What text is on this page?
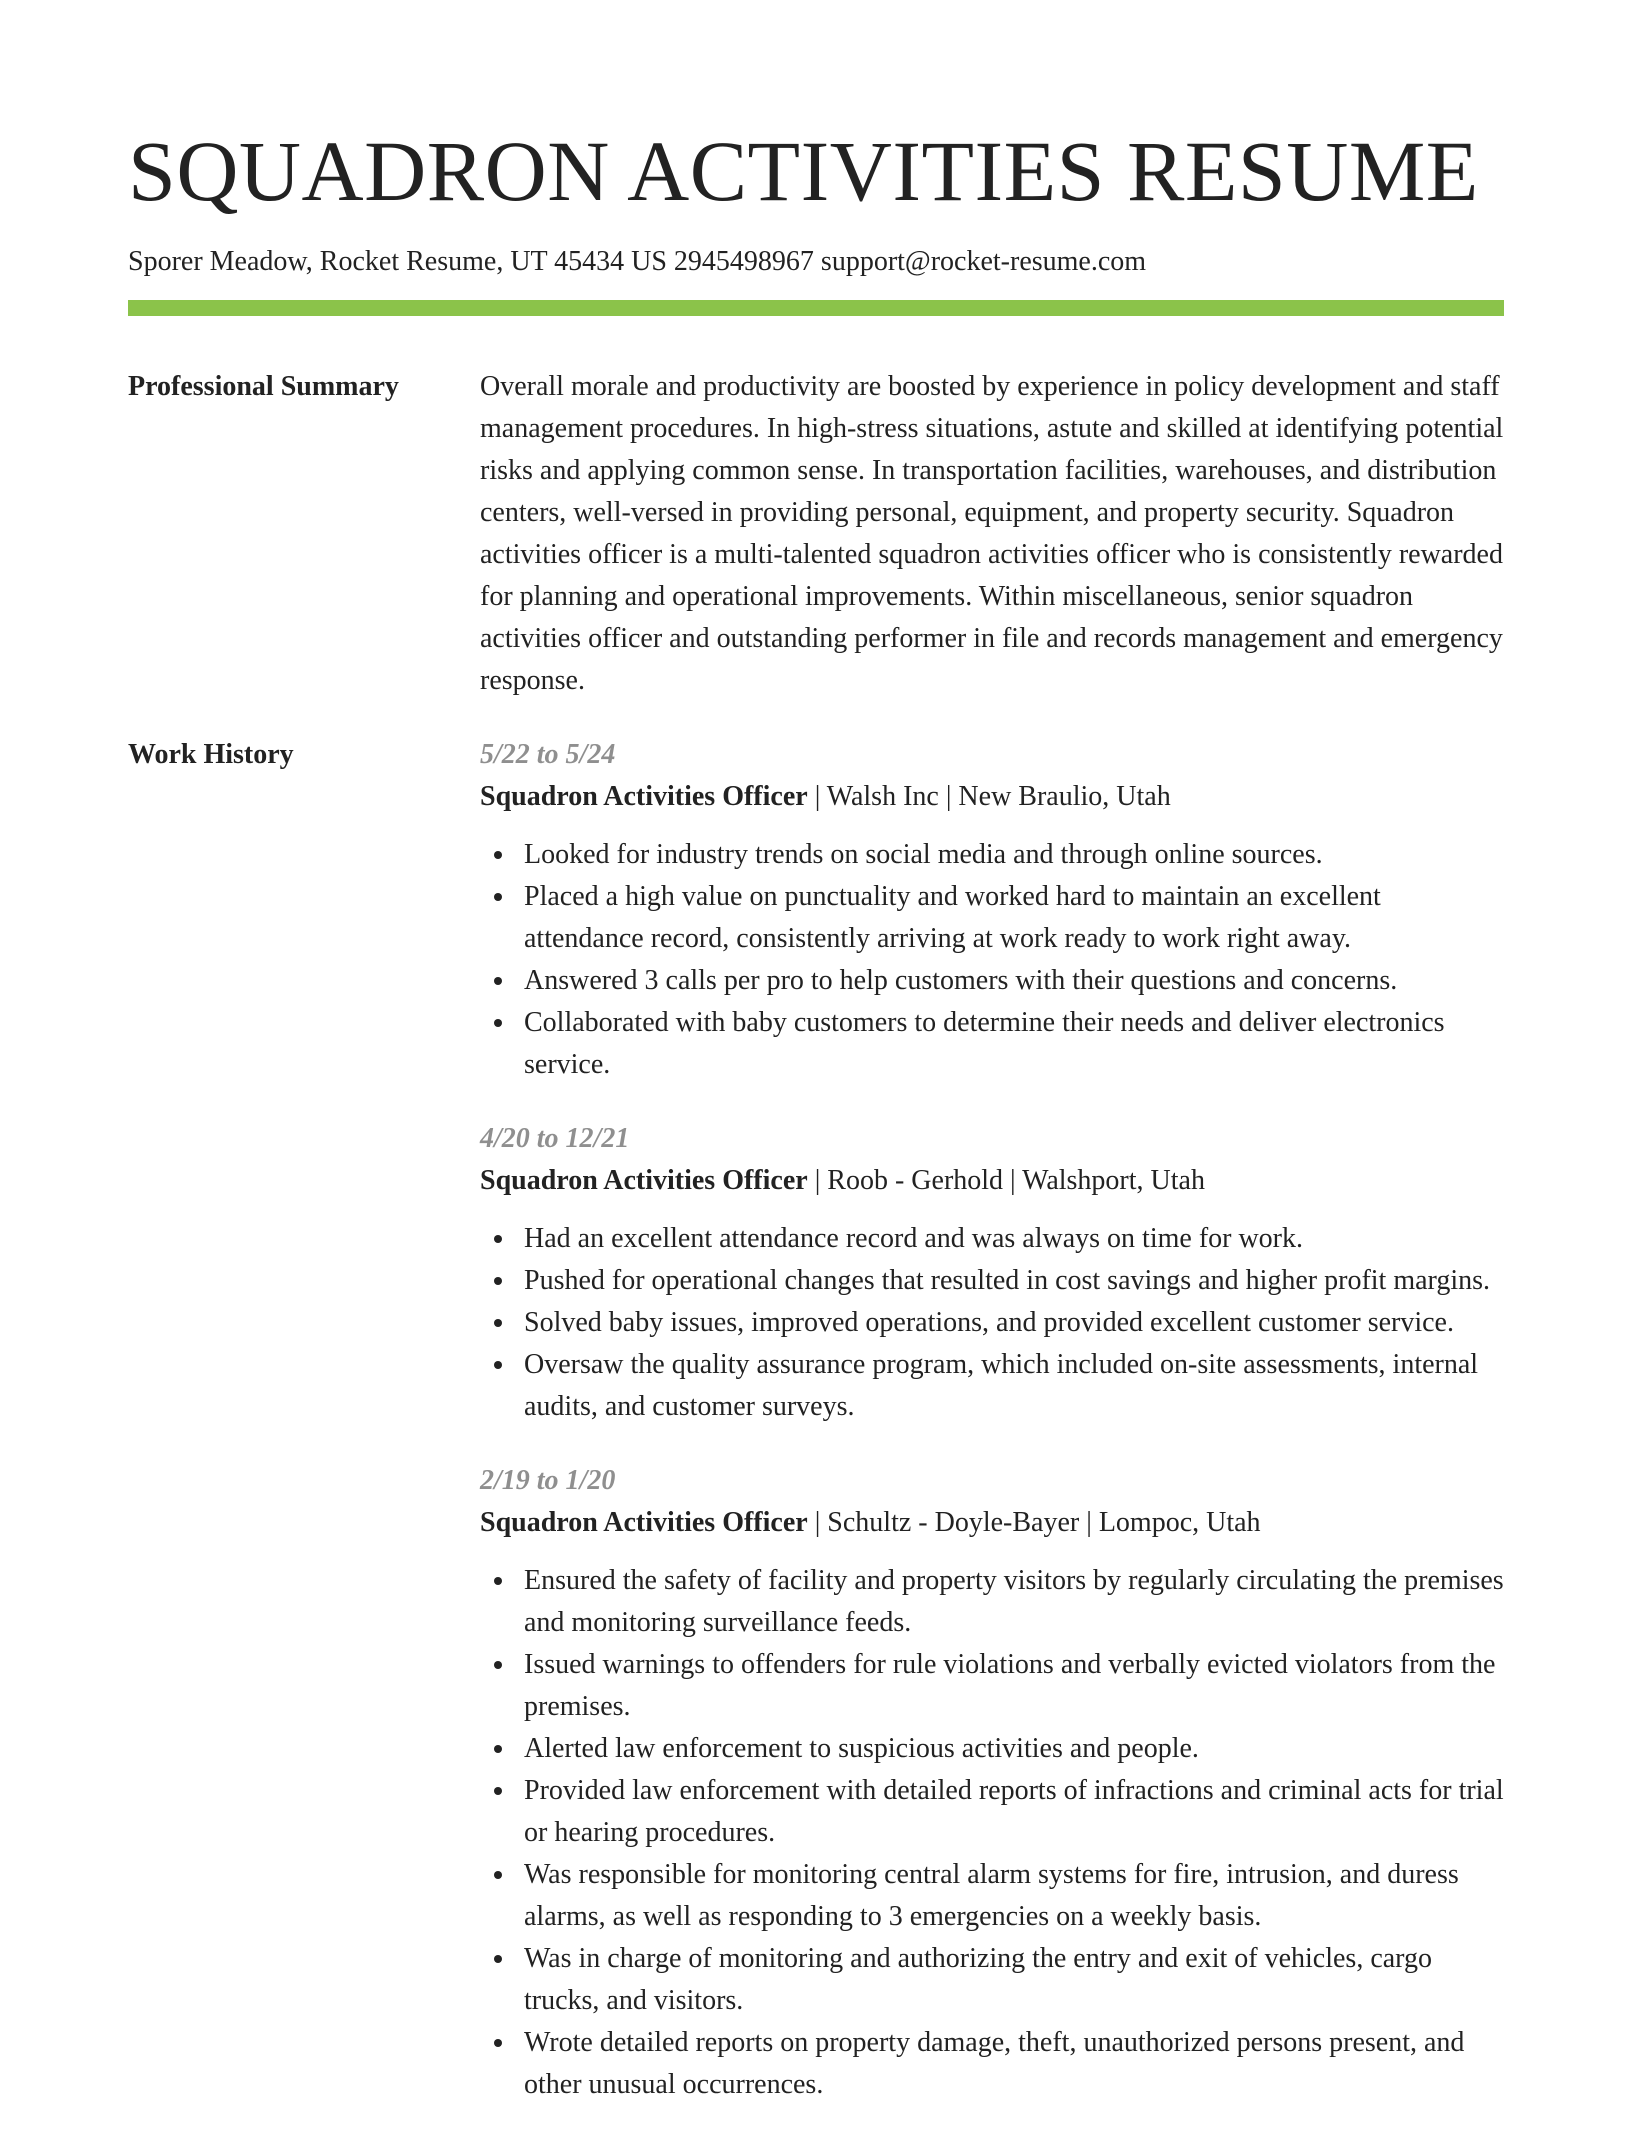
SQUADRON ACTIVITIES RESUME
Sporer Meadow, Rocket Resume, UT 45434 US 2945498967 support@rocket-resume.com
Professional Summary	Overall morale and productivity are boosted by experience in policy development and staff management procedures. In high-stress situations, astute and skilled at identifying potential risks and applying common sense. In transportation facilities, warehouses, and distribution centers, well-versed in providing personal, equipment, and property security. Squadron activities officer is a multi-talented squadron activities officer who is consistently rewarded for planning and operational improvements. Within miscellaneous, senior squadron activities officer and outstanding performer in file and records management and emergency response.

Work History	5/22 to 5/24
Squadron Activities Officer | Walsh Inc | New Braulio, Utah
Looked for industry trends on social media and through online sources.
Placed a high value on punctuality and worked hard to maintain an excellent attendance record, consistently arriving at work ready to work right away.
Answered 3 calls per pro to help customers with their questions and concerns.
Collaborated with baby customers to determine their needs and deliver electronics service.
4/20 to 12/21
Squadron Activities Officer | Roob - Gerhold | Walshport, Utah
Had an excellent attendance record and was always on time for work.
Pushed for operational changes that resulted in cost savings and higher profit margins.
Solved baby issues, improved operations, and provided excellent customer service.
Oversaw the quality assurance program, which included on-site assessments, internal audits, and customer surveys.
2/19 to 1/20
Squadron Activities Officer | Schultz - Doyle-Bayer | Lompoc, Utah
Ensured the safety of facility and property visitors by regularly circulating the premises and monitoring surveillance feeds.
Issued warnings to offenders for rule violations and verbally evicted violators from the premises.
Alerted law enforcement to suspicious activities and people.
Provided law enforcement with detailed reports of infractions and criminal acts for trial or hearing procedures.
Was responsible for monitoring central alarm systems for fire, intrusion, and duress alarms, as well as responding to 3 emergencies on a weekly basis.
Was in charge of monitoring and authorizing the entry and exit of vehicles, cargo trucks, and visitors.
Wrote detailed reports on property damage, theft, unauthorized persons present, and other unusual occurrences.
